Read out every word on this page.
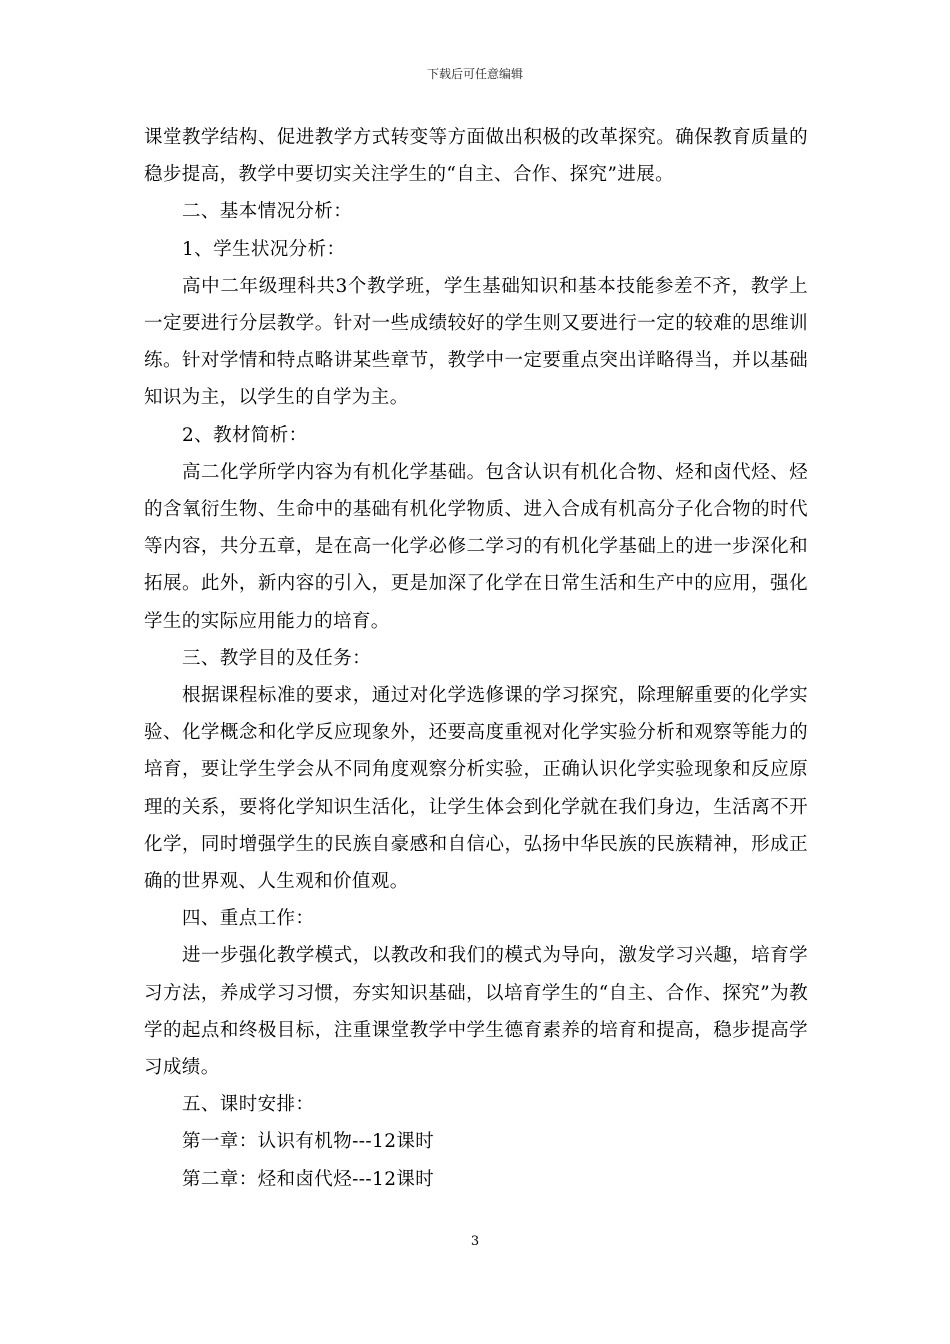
下载后可任意编辑

课堂教学结构、促进教学方式转变等方面做出积极的改革探究。确保教育质量的稳步提高，教学中要切实关注学生的“自主、合作、探究”进展。

二、基本情况分析：

1、学生状况分析：

高中二年级理科共3个教学班，学生基础知识和基本技能参差不齐，教学上一定要进行分层教学。针对一些成绩较好的学生则又要进行一定的较难的思维训练。针对学情和特点略讲某些章节，教学中一定要重点突出详略得当，并以基础知识为主，以学生的自学为主。

2、教材简析：

高二化学所学内容为有机化学基础。包含认识有机化合物、烃和卤代烃、烃的含氧衍生物、生命中的基础有机化学物质、进入合成有机高分子化合物的时代等内容，共分五章，是在高一化学必修二学习的有机化学基础上的进一步深化和拓展。此外，新内容的引入，更是加深了化学在日常生活和生产中的应用，强化学生的实际应用能力的培育。

三、教学目的及任务：

根据课程标准的要求，通过对化学选修课的学习探究，除理解重要的化学实验、化学概念和化学反应现象外，还要高度重视对化学实验分析和观察等能力的培育，要让学生学会从不同角度观察分析实验，正确认识化学实验现象和反应原理的关系，要将化学知识生活化，让学生体会到化学就在我们身边，生活离不开化学，同时增强学生的民族自豪感和自信心，弘扬中华民族的民族精神，形成正确的世界观、人生观和价值观。

四、重点工作：

进一步强化教学模式，以教改和我们的模式为导向，激发学习兴趣，培育学习方法，养成学习习惯，夯实知识基础，以培育学生的“自主、合作、探究”为教学的起点和终极目标，注重课堂教学中学生德育素养的培育和提高，稳步提高学习成绩。

五、课时安排：

第一章：认识有机物---12课时

第二章：烃和卤代烃---12课时

3
